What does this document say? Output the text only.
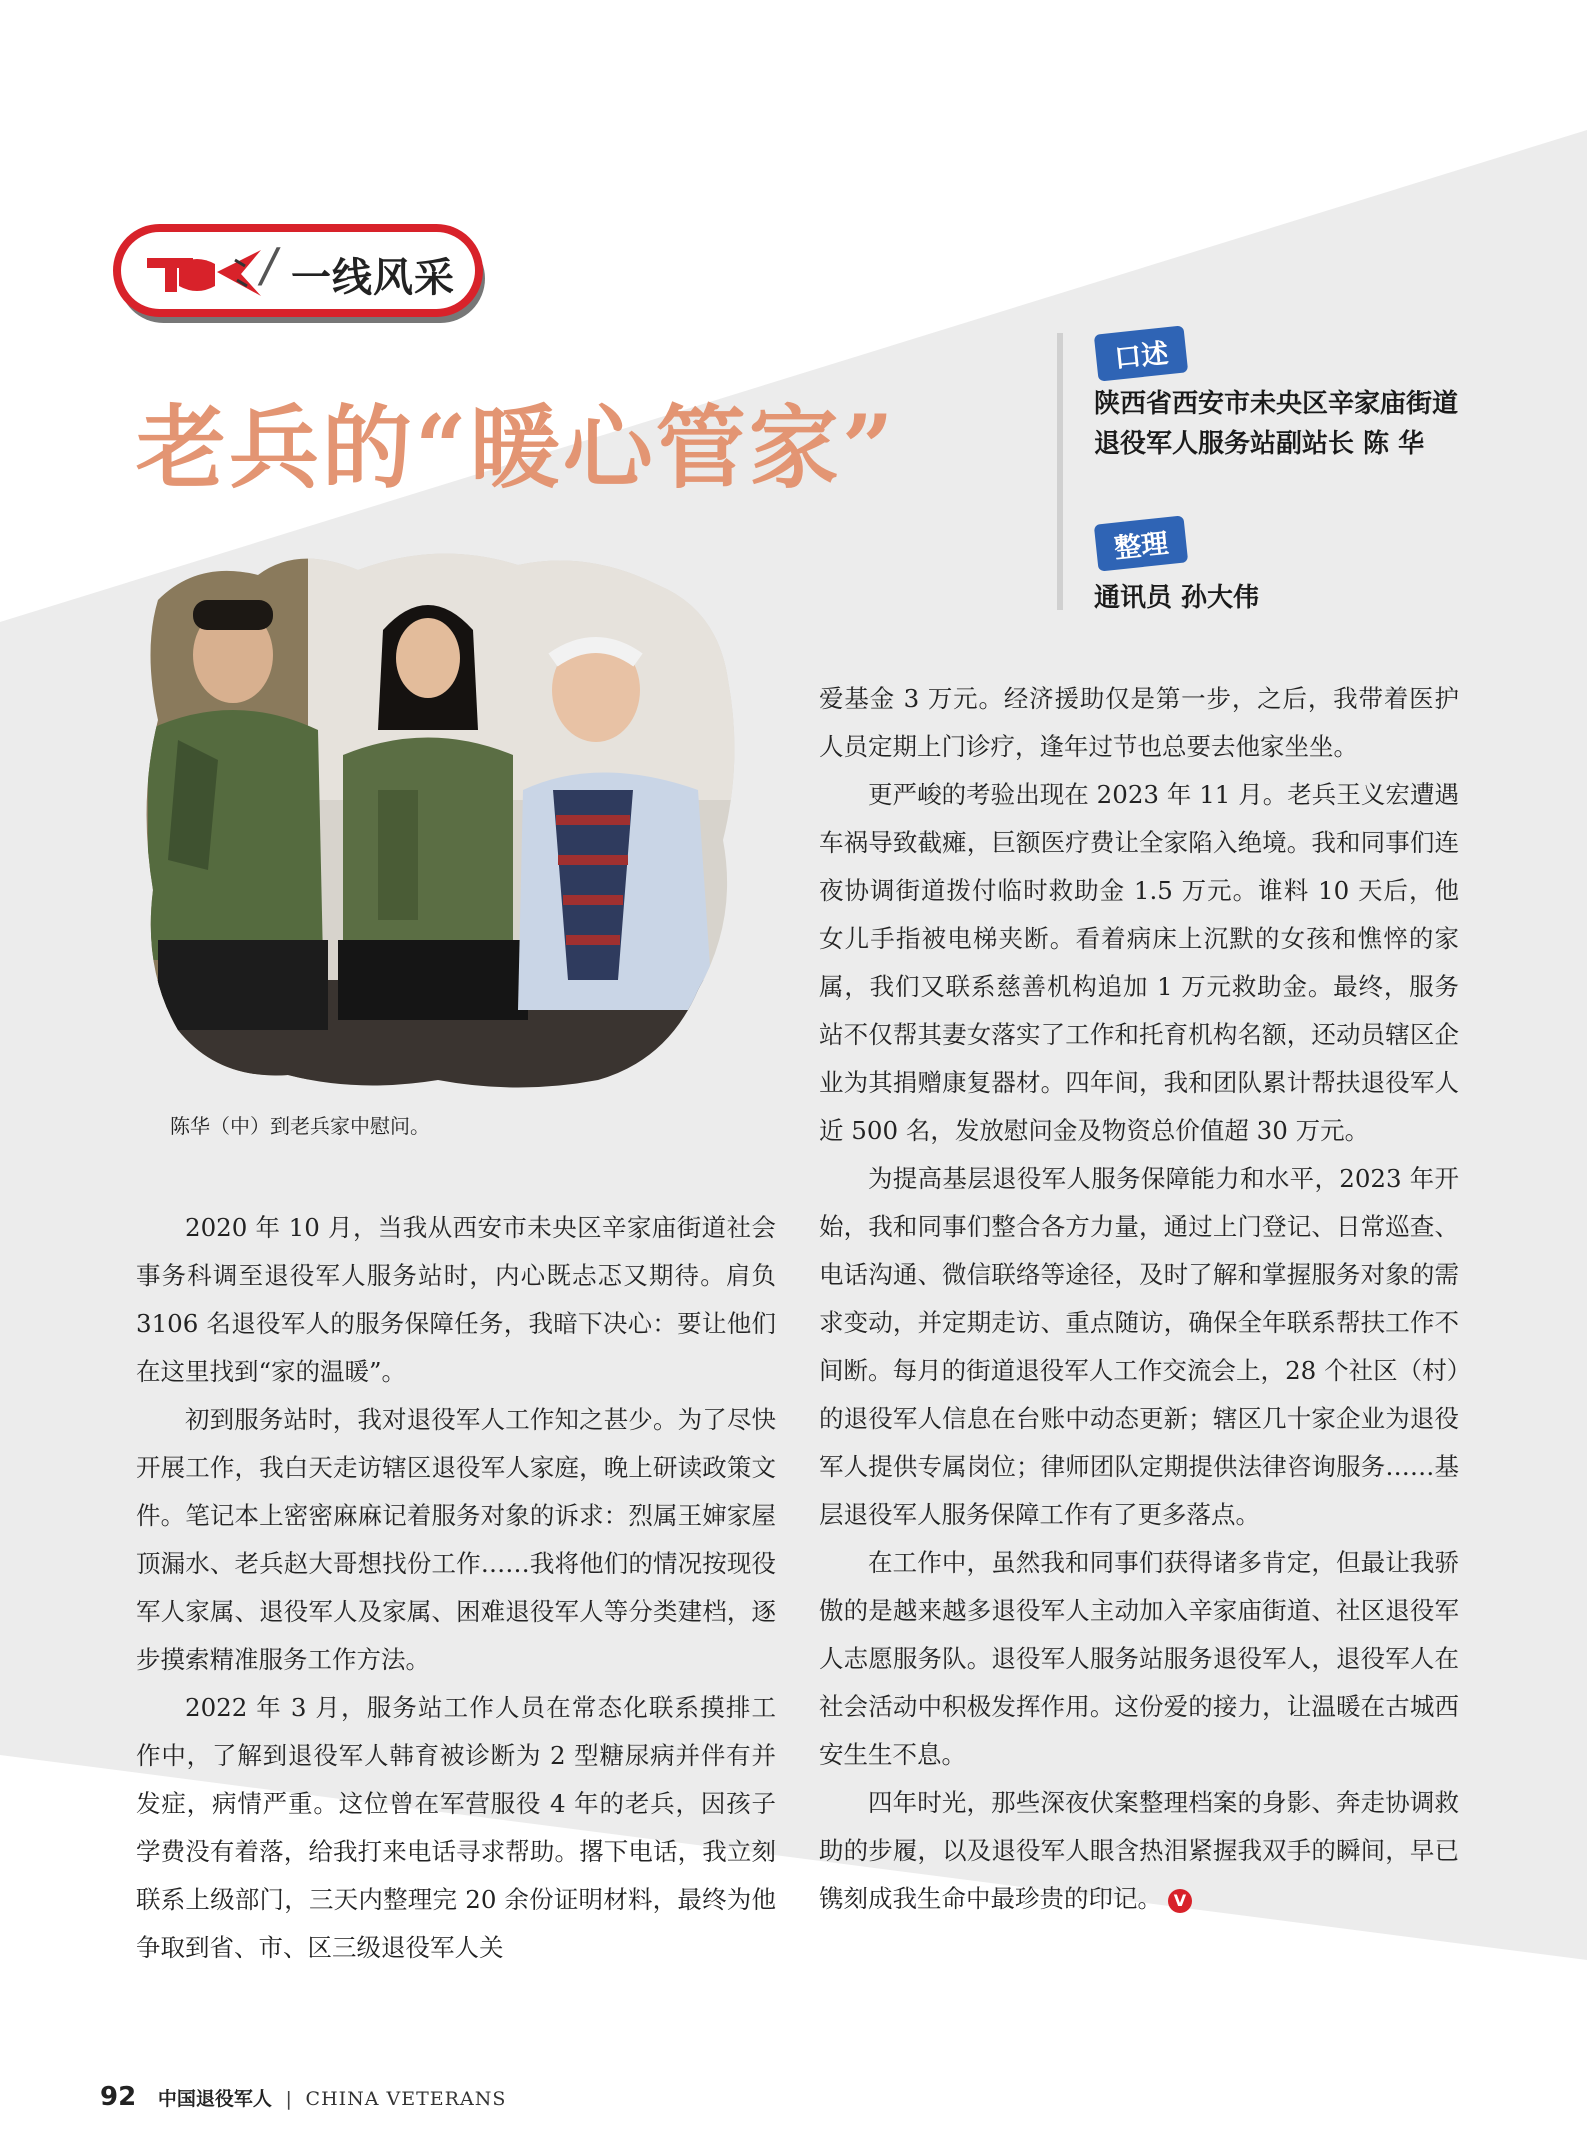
/ 一线风采
老兵的“暖心管家”
口述
陕西省西安市未央区辛家庙街道
退役军人服务站副站长 陈 华
整理
通讯员 孙大伟
陈华（中）到老兵家中慰问。

2020 年 10 月，当我从西安市未央区辛家庙街道社会事务科调至退役军人服务站时，内心既忐忑又期待。肩负 3106 名退役军人的服务保障任务，我暗下决心：要让他们在这里找到“家的温暖”。

初到服务站时，我对退役军人工作知之甚少。为了尽快开展工作，我白天走访辖区退役军人家庭，晚上研读政策文件。笔记本上密密麻麻记着服务对象的诉求：烈属王婶家屋顶漏水、老兵赵大哥想找份工作……我将他们的情况按现役军人家属、退役军人及家属、困难退役军人等分类建档，逐步摸索精准服务工作方法。

2022 年 3 月，服务站工作人员在常态化联系摸排工作中，了解到退役军人韩育被诊断为 2 型糖尿病并伴有并发症，病情严重。这位曾在军营服役 4 年的老兵，因孩子学费没有着落，给我打来电话寻求帮助。撂下电话，我立刻联系上级部门，三天内整理完 20 余份证明材料，最终为他争取到省、市、区三级退役军人关

爱基金 3 万元。经济援助仅是第一步，之后，我带着医护人员定期上门诊疗，逢年过节也总要去他家坐坐。

更严峻的考验出现在 2023 年 11 月。老兵王义宏遭遇车祸导致截瘫，巨额医疗费让全家陷入绝境。我和同事们连夜协调街道拨付临时救助金 1.5 万元。谁料 10 天后，他女儿手指被电梯夹断。看着病床上沉默的女孩和憔悴的家属，我们又联系慈善机构追加 1 万元救助金。最终，服务站不仅帮其妻女落实了工作和托育机构名额，还动员辖区企业为其捐赠康复器材。四年间，我和团队累计帮扶退役军人近 500 名，发放慰问金及物资总价值超 30 万元。

为提高基层退役军人服务保障能力和水平，2023 年开始，我和同事们整合各方力量，通过上门登记、日常巡查、电话沟通、微信联络等途径，及时了解和掌握服务对象的需求变动，并定期走访、重点随访，确保全年联系帮扶工作不间断。每月的街道退役军人工作交流会上，28 个社区（村）的退役军人信息在台账中动态更新；辖区几十家企业为退役军人提供专属岗位；律师团队定期提供法律咨询服务……基层退役军人服务保障工作有了更多落点。

在工作中，虽然我和同事们获得诸多肯定，但最让我骄傲的是越来越多退役军人主动加入辛家庙街道、社区退役军人志愿服务队。退役军人服务站服务退役军人，退役军人在社会活动中积极发挥作用。这份爱的接力，让温暖在古城西安生生不息。

四年时光，那些深夜伏案整理档案的身影、奔走协调救助的步履，以及退役军人眼含热泪紧握我双手的瞬间，早已镌刻成我生命中最珍贵的印记。 V

92 中国退役军人 | CHINA VETERANS
